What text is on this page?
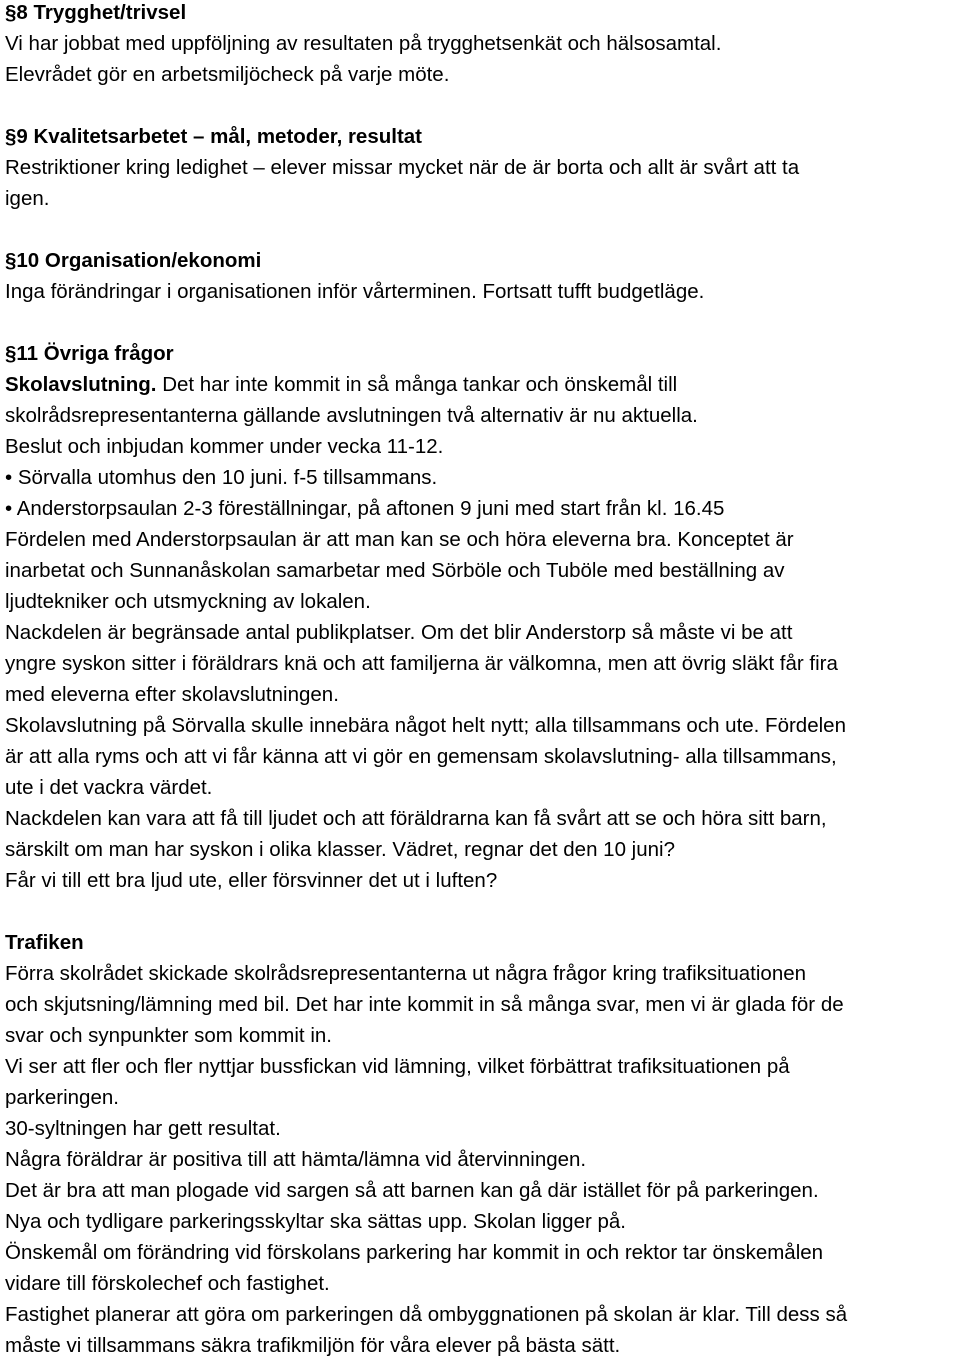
§8 Trygghet/trivsel
Vi har jobbat med uppföljning av resultaten på trygghetsenkät och hälsosamtal.
Elevrådet gör en arbetsmiljöcheck på varje möte.
§9 Kvalitetsarbetet – mål, metoder, resultat
Restriktioner kring ledighet – elever missar mycket när de är borta och allt är svårt att ta
igen.
§10 Organisation/ekonomi
Inga förändringar i organisationen inför vårterminen. Fortsatt tufft budgetläge.
§11 Övriga frågor
Skolavslutning. Det har inte kommit in så många tankar och önskemål till
skolrådsrepresentanterna gällande avslutningen två alternativ är nu aktuella.
Beslut och inbjudan kommer under vecka 11-12.
• Sörvalla utomhus den 10 juni. f-5 tillsammans.
• Anderstorpsaulan 2-3 föreställningar, på aftonen 9 juni med start från kl. 16.45
Fördelen med Anderstorpsaulan är att man kan se och höra eleverna bra. Konceptet är
inarbetat och Sunnanåskolan samarbetar med Sörböle och Tuböle med beställning av
ljudtekniker och utsmyckning av lokalen.
Nackdelen är begränsade antal publikplatser. Om det blir Anderstorp så måste vi be att
yngre syskon sitter i föräldrars knä och att familjerna är välkomna, men att övrig släkt får fira
med eleverna efter skolavslutningen.
Skolavslutning på Sörvalla skulle innebära något helt nytt; alla tillsammans och ute. Fördelen
är att alla ryms och att vi får känna att vi gör en gemensam skolavslutning- alla tillsammans,
ute i det vackra värdet.
Nackdelen kan vara att få till ljudet och att föräldrarna kan få svårt att se och höra sitt barn,
särskilt om man har syskon i olika klasser. Vädret, regnar det den 10 juni?
Får vi till ett bra ljud ute, eller försvinner det ut i luften?
Trafiken
Förra skolrådet skickade skolrådsrepresentanterna ut några frågor kring trafiksituationen
och skjutsning/lämning med bil. Det har inte kommit in så många svar, men vi är glada för de
svar och synpunkter som kommit in.
Vi ser att fler och fler nyttjar bussfickan vid lämning, vilket förbättrat trafiksituationen på
parkeringen.
30-syltningen har gett resultat.
Några föräldrar är positiva till att hämta/lämna vid återvinningen.
Det är bra att man plogade vid sargen så att barnen kan gå där istället för på parkeringen.
Nya och tydligare parkeringsskyltar ska sättas upp. Skolan ligger på.
Önskemål om förändring vid förskolans parkering har kommit in och rektor tar önskemålen
vidare till förskolechef och fastighet.
Fastighet planerar att göra om parkeringen då ombyggnationen på skolan är klar. Till dess så
måste vi tillsammans säkra trafikmiljön för våra elever på bästa sätt.
